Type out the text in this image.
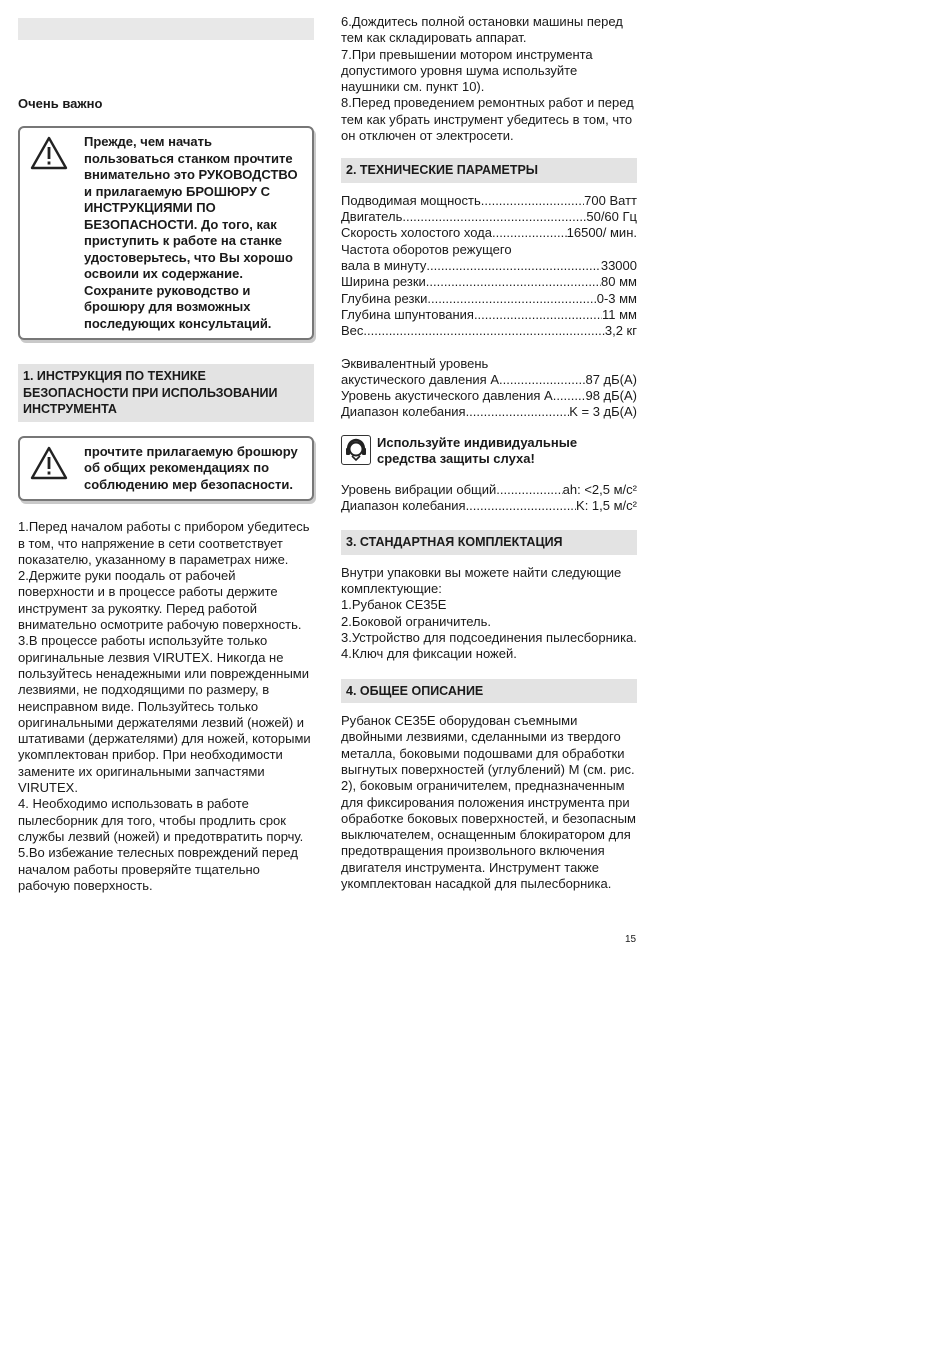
Очень важно
Прежде, чем начать пользоваться станком прочтите внимательно это РУКОВОДСТВО и прилагаемую БРОШЮРУ С ИНСТРУКЦИЯМИ ПО БЕЗОПАСНОСТИ. До того, как приступить к работе на станке удостоверьтесь, что Вы хорошо освоили их содержание. Сохраните руководство и брошюру для возможных последующих консультаций.
1. ИНСТРУКЦИЯ ПО ТЕХНИКЕ БЕЗОПАСНОСТИ ПРИ ИСПОЛЬЗОВАНИИ ИНСТРУМЕНТА
прочтите прилагаемую брошюру об общих рекомендациях по соблюдению мер безопасности.

1.Перед началом работы с прибором убедитесь в том, что напряжение в сети соответствует показателю, указанному в параметрах ниже.

2.Держите руки поодаль от рабочей поверхности и в процессе работы держите инструмент за рукоятку. Перед работой внимательно осмотрите рабочую поверхность.

3.В процессе работы используйте только оригинальные лезвия VIRUTEX. Никогда не пользуйтесь ненадежными или поврежденными лезвиями, не подходящими по размеру, в неисправном виде. Пользуйтесь только оригинальными держателями лезвий (ножей) и штативами (держателями) для ножей, которыми укомплектован прибор. При необходимости замените их оригинальными запчастями VIRUTEX.

4. Необходимо использовать в работе пылесборник для того, чтобы продлить срок службы лезвий (ножей) и предотвратить порчу.

5.Во избежание телесных повреждений перед началом работы проверяйте тщательно рабочую поверхность.

6.Дождитесь полной остановки машины перед тем как складировать аппарат.

7.При превышении мотором инструмента допустимого уровня шума используйте наушники см. пункт 10).

8.Перед проведением ремонтных работ и перед тем как убрать инструмент убедитесь в том, что он отключен от электросети.

2. ТЕХНИЧЕСКИЕ ПАРАМЕТРЫ
Подводимая мощность .....	700 Ватт
Двигатель .....	50/60 Гц
Скорость холостого хода .....	16500/ мин.
Частота оборотов режущего
вала в минуту .....	33000
Ширина резки .....	80 мм
Глубина резки .....	0-3 мм
Глубина шпунтования .....	11 мм
Вес .....	3,2 кг
Эквивалентный уровень
акустического давления A .....	87 дБ(A)
Уровень акустического давления A .....	98 дБ(A)
Диапазон колебания .....	K = 3 дБ(A)
Используйте индивидуальные средства защиты слуха!
Уровень вибрации общий .....	ah: <2,5 м/c²
Диапазон колебания .....	K: 1,5 м/c²
3. СТАНДАРТНАЯ КОМПЛЕКТАЦИЯ

Внутри упаковки вы можете найти следующие комплектующие:

1.Рубанок CE35E

2.Боковой ограничитель.

3.Устройство для подсоединения пылесборника.

4.Ключ для фиксации ножей.

4. ОБЩЕЕ ОПИСАНИЕ

Рубанок CE35E оборудован съемными двойными лезвиями, сделанными из твердого металла, боковыми подошвами для обработки выгнутых поверхностей (углублений) M (см. рис. 2), боковым ограничителем, предназначенным для фиксирования положения инструмента при обработке боковых поверхностей, и безопасным выключателем, оснащенным блокиратором для предотвращения произвольного включения двигателя инструмента. Инструмент также укомплектован насадкой для пылесборника.

15
